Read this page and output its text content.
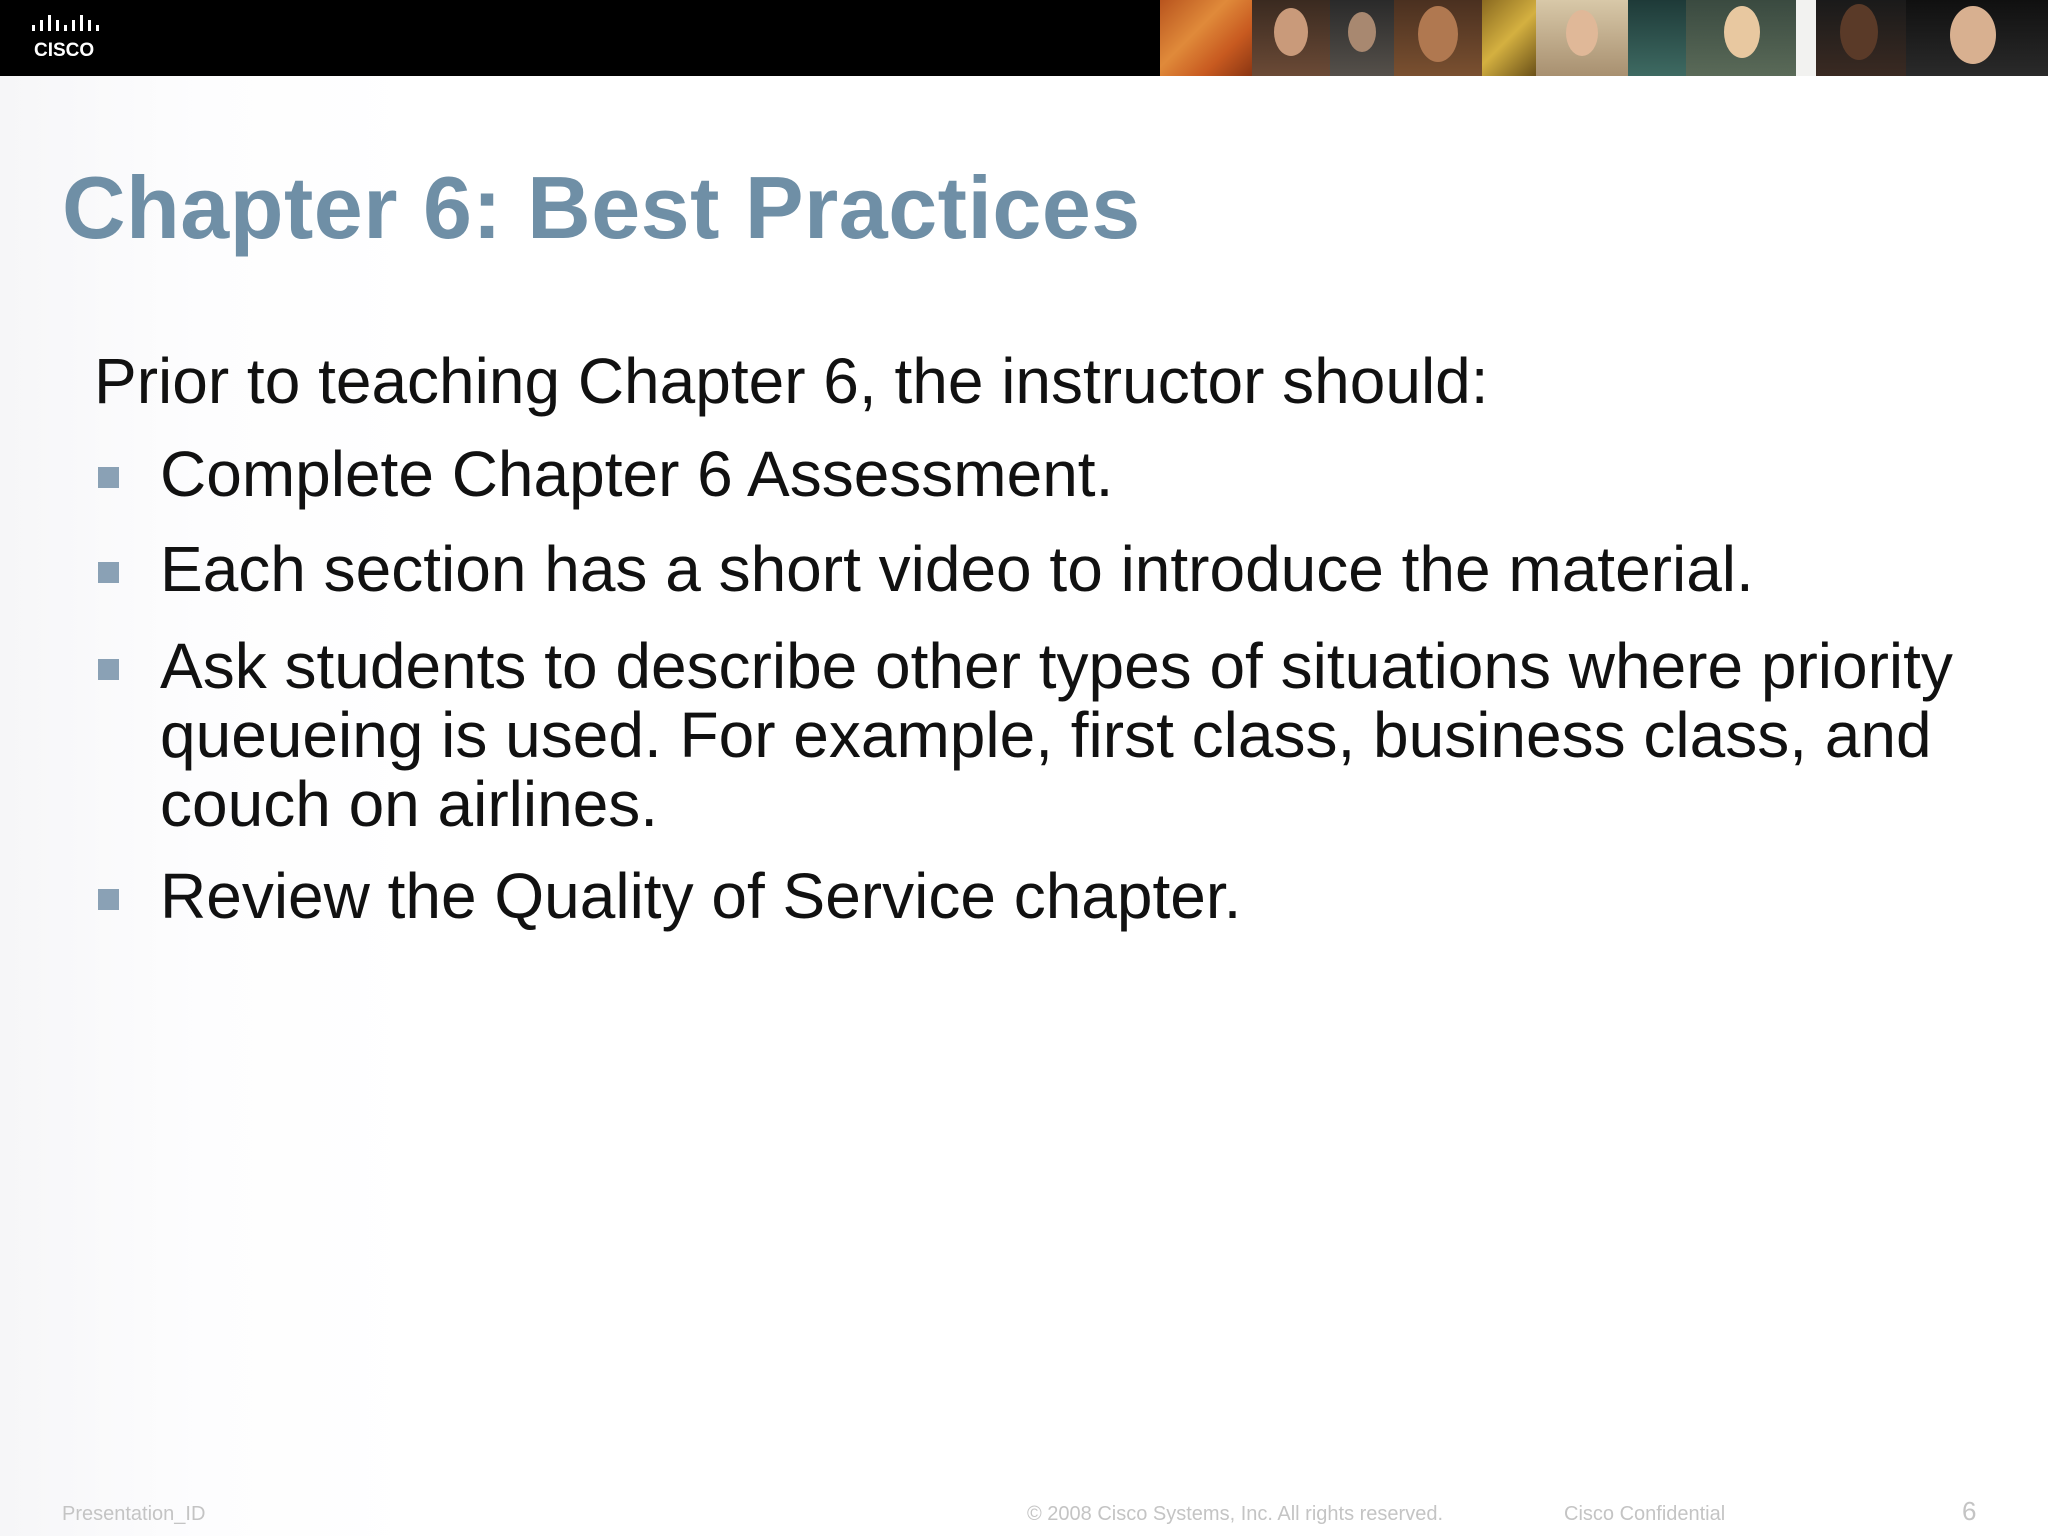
CISCO
Chapter 6: Best Practices

Prior to teaching Chapter 6, the instructor should:

Complete Chapter 6 Assessment.

Each section has a short video to introduce the material.

Ask students to describe other types of situations where priority queueing is used. For example, first class, business class, and couch on airlines.

Review the Quality of Service chapter.

Presentation_ID	© 2008 Cisco Systems, Inc. All rights reserved.	Cisco Confidential	6
